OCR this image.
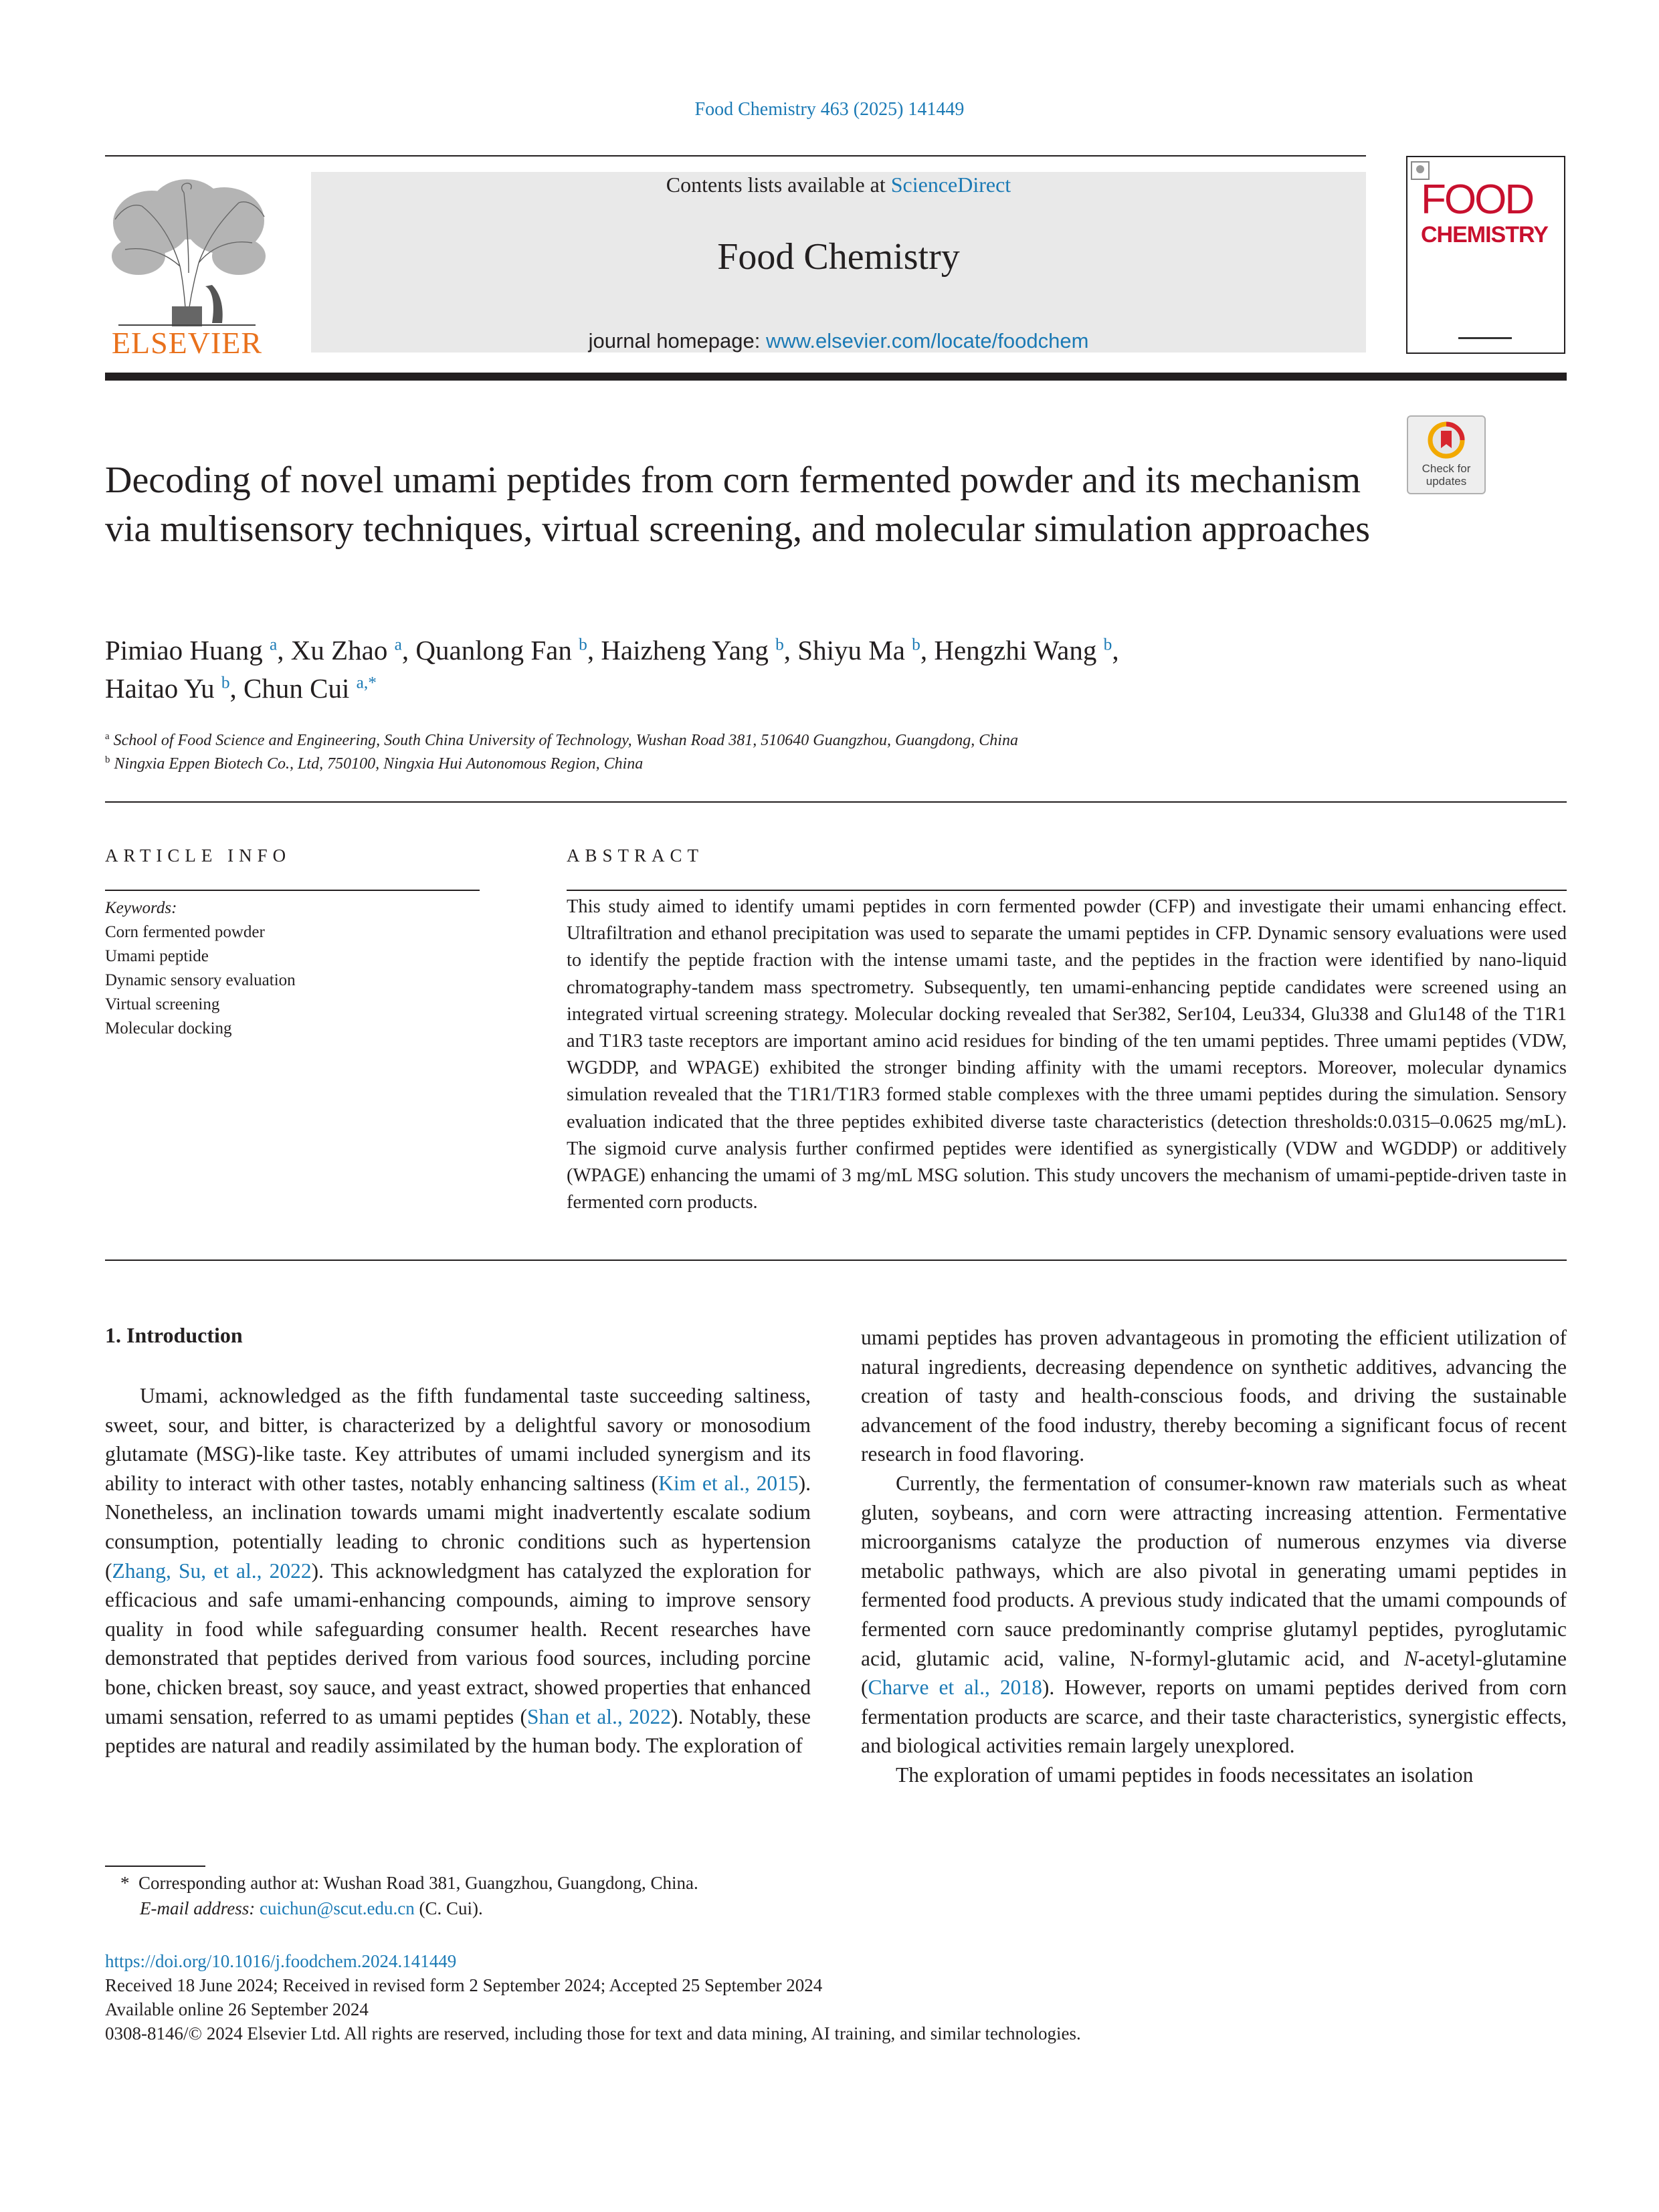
Food Chemistry 463 (2025) 141449
ELSEVIER
Contents lists available at ScienceDirect
Food Chemistry
journal homepage: www.elsevier.com/locate/foodchem
FOOD
CHEMISTRY
Check for updates
Decoding of novel umami peptides from corn fermented powder and its mechanism via multisensory techniques, virtual screening, and molecular simulation approaches
Pimiao Huang $^a$, Xu Zhao $^a$, Quanlong Fan $^b$, Haizheng Yang $^b$, Shiyu Ma $^b$, Hengzhi Wang $^b$,
Haitao Yu $^b$, Chun Cui $^{a,*}$
$^a$ School of Food Science and Engineering, South China University of Technology, Wushan Road 381, 510640 Guangzhou, Guangdong, China
$^b$ Ningxia Eppen Biotech Co., Ltd, 750100, Ningxia Hui Autonomous Region, China
ARTICLE INFO
Keywords:
Corn fermented powder
Umami peptide
Dynamic sensory evaluation
Virtual screening
Molecular docking
ABSTRACT
This study aimed to identify umami peptides in corn fermented powder (CFP) and investigate their umami enhancing effect. Ultrafiltration and ethanol precipitation was used to separate the umami peptides in CFP. Dynamic sensory evaluations were used to identify the peptide fraction with the intense umami taste, and the peptides in the fraction were identified by nano-liquid chromatography-tandem mass spectrometry. Subsequently, ten umami-enhancing peptide candidates were screened using an integrated virtual screening strategy. Molecular docking revealed that Ser382, Ser104, Leu334, Glu338 and Glu148 of the T1R1 and T1R3 taste receptors are important amino acid residues for binding of the ten umami peptides. Three umami peptides (VDW, WGDDP, and WPAGE) exhibited the stronger binding affinity with the umami receptors. Moreover, molecular dynamics simulation revealed that the T1R1/T1R3 formed stable complexes with the three umami peptides during the simulation. Sensory evaluation indicated that the three peptides exhibited diverse taste characteristics (detection thresholds:0.0315–0.0625 mg/mL). The sigmoid curve analysis further confirmed peptides were identified as synergistically (VDW and WGDDP) or additively (WPAGE) enhancing the umami of 3 mg/mL MSG solution. This study uncovers the mechanism of umami-peptide-driven taste in fermented corn products.
1. Introduction

Umami, acknowledged as the fifth fundamental taste succeeding saltiness, sweet, sour, and bitter, is characterized by a delightful savory or monosodium glutamate (MSG)-like taste. Key attributes of umami included synergism and its ability to interact with other tastes, notably enhancing saltiness (Kim et al., 2015). Nonetheless, an inclination towards umami might inadvertently escalate sodium consumption, potentially leading to chronic conditions such as hypertension (Zhang, Su, et al., 2022). This acknowledgment has catalyzed the exploration for efficacious and safe umami-enhancing compounds, aiming to improve sensory quality in food while safeguarding consumer health. Recent researches have demonstrated that peptides derived from various food sources, including porcine bone, chicken breast, soy sauce, and yeast extract, showed properties that enhanced umami sensation, referred to as umami peptides (Shan et al., 2022). Notably, these peptides are natural and readily assimilated by the human body. The exploration of

umami peptides has proven advantageous in promoting the efficient utilization of natural ingredients, decreasing dependence on synthetic additives, advancing the creation of tasty and health-conscious foods, and driving the sustainable advancement of the food industry, thereby becoming a significant focus of recent research in food flavoring.

Currently, the fermentation of consumer-known raw materials such as wheat gluten, soybeans, and corn were attracting increasing attention. Fermentative microorganisms catalyze the production of numerous enzymes via diverse metabolic pathways, which are also pivotal in generating umami peptides in fermented food products. A previous study indicated that the umami compounds of fermented corn sauce predominantly comprise glutamyl peptides, pyroglutamic acid, glutamic acid, valine, N-formyl-glutamic acid, and N-acetyl-glutamine (Charve et al., 2018). However, reports on umami peptides derived from corn fermentation products are scarce, and their taste characteristics, synergistic effects, and biological activities remain largely unexplored.

The exploration of umami peptides in foods necessitates an isolation

* Corresponding author at: Wushan Road 381, Guangzhou, Guangdong, China.
E-mail address: cuichun@scut.edu.cn (C. Cui).
https://doi.org/10.1016/j.foodchem.2024.141449
Received 18 June 2024; Received in revised form 2 September 2024; Accepted 25 September 2024
Available online 26 September 2024
0308-8146/© 2024 Elsevier Ltd. All rights are reserved, including those for text and data mining, AI training, and similar technologies.
